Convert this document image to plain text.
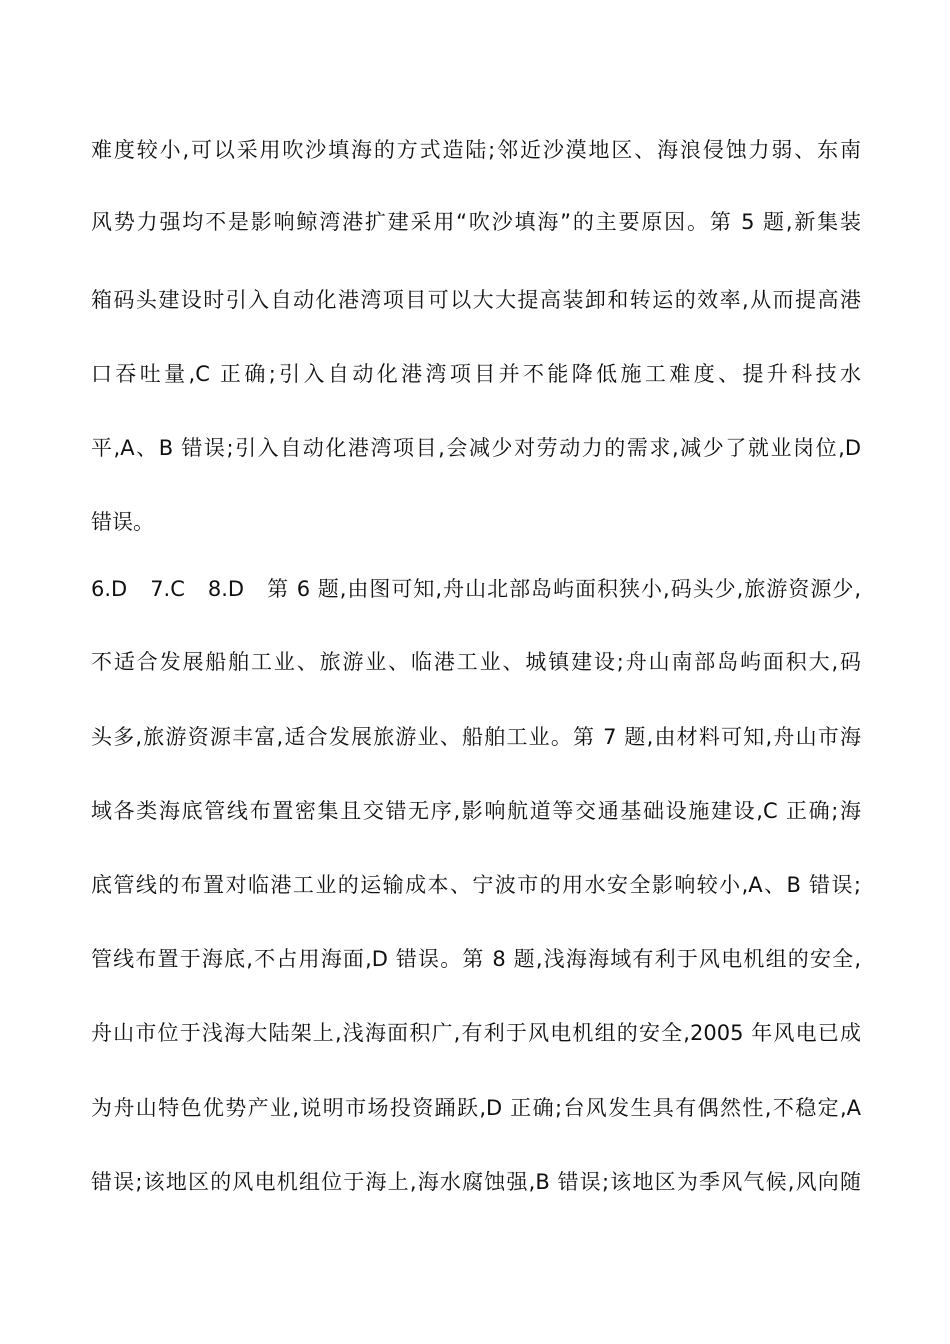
难度较小,可以采用吹沙填海的方式造陆;邻近沙漠地区、海浪侵蚀力弱、东南
风势力强均不是影响鲸湾港扩建采用“吹沙填海”的主要原因。第 5 题,新集装
箱码头建设时引入自动化港湾项目可以大大提高装卸和转运的效率,从而提高港
口吞吐量,C 正确;引入自动化港湾项目并不能降低施工难度、提升科技水
平,A、B 错误;引入自动化港湾项目,会减少对劳动力的需求,减少了就业岗位,D
错误。
6.D　7.C　8.D　第 6 题,由图可知,舟山北部岛屿面积狭小,码头少,旅游资源少,
不适合发展船舶工业、旅游业、临港工业、城镇建设;舟山南部岛屿面积大,码
头多,旅游资源丰富,适合发展旅游业、船舶工业。第 7 题,由材料可知,舟山市海
域各类海底管线布置密集且交错无序,影响航道等交通基础设施建设,C 正确;海
底管线的布置对临港工业的运输成本、宁波市的用水安全影响较小,A、B 错误;
管线布置于海底,不占用海面,D 错误。第 8 题,浅海海域有利于风电机组的安全,
舟山市位于浅海大陆架上,浅海面积广,有利于风电机组的安全,2005 年风电已成
为舟山特色优势产业,说明市场投资踊跃,D 正确;台风发生具有偶然性,不稳定,A
错误;该地区的风电机组位于海上,海水腐蚀强,B 错误;该地区为季风气候,风向随
